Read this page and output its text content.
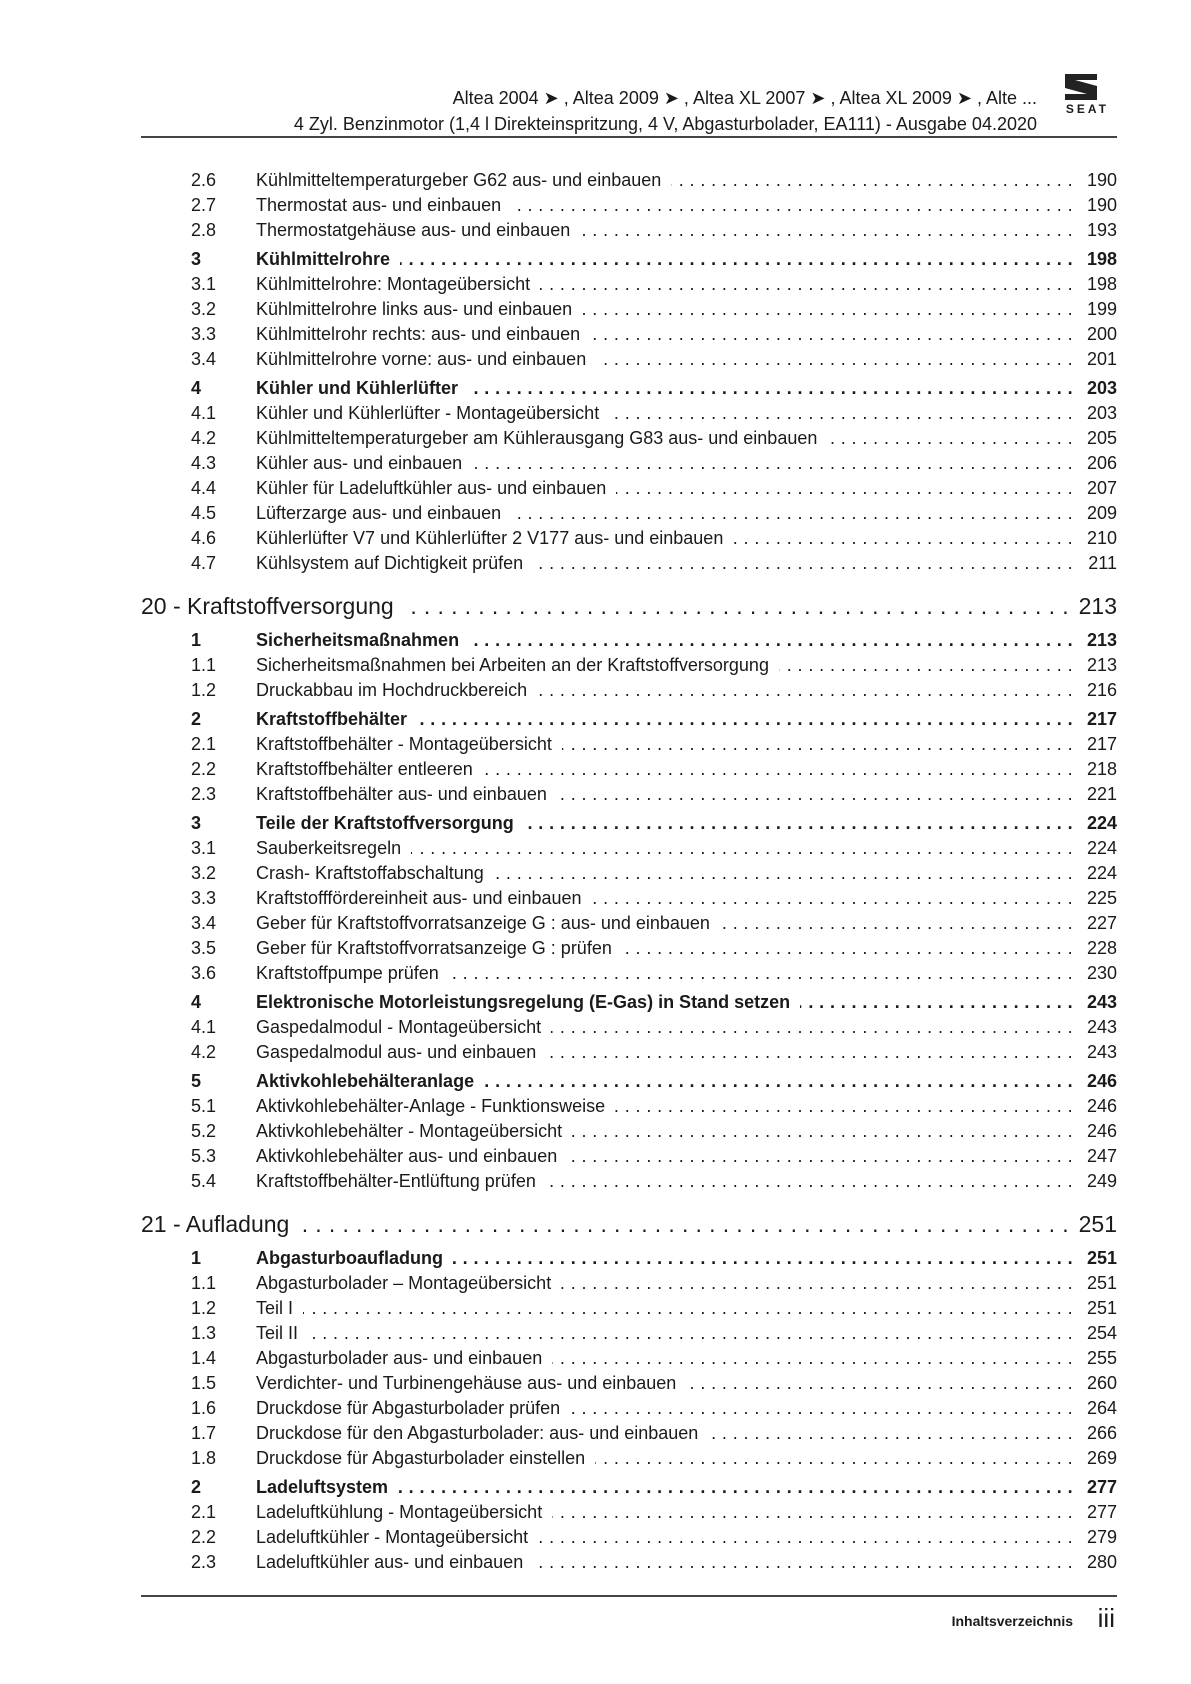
Altea 2004 ➤ , Altea 2009 ➤ , Altea XL 2007 ➤ , Altea XL 2009 ➤ , Alte ...
4 Zyl. Benzinmotor (1,4 l Direkteinspritzung, 4 V, Abgasturbolader, EA111) - Ausgabe 04.2020
SEAT
2.6 Kühlmitteltemperaturgeber G62 aus- und einbauen . . .	190
2.7 Thermostat aus- und einbauen . . .	190
2.8 Thermostatgehäuse aus- und einbauen . . .	193
3	Kühlmittelrohre . . .	198
3.1 Kühlmittelrohre: Montageübersicht . . .	198
3.2 Kühlmittelrohre links aus- und einbauen . . .	199
3.3 Kühlmittelrohr rechts: aus- und einbauen . . .	200
3.4 Kühlmittelrohre vorne: aus- und einbauen . . .	201
4	Kühler und Kühlerlüfter . . .	203
4.1 Kühler und Kühlerlüfter - Montageübersicht . . .	203
4.2 Kühlmitteltemperaturgeber am Kühlerausgang G83 aus- und einbauen . . .	205
4.3 Kühler aus- und einbauen . . .	206
4.4 Kühler für Ladeluftkühler aus- und einbauen . . .	207
4.5 Lüfterzarge aus- und einbauen . . .	209
4.6 Kühlerlüfter V7 und Kühlerlüfter 2 V177 aus- und einbauen . . .	210
4.7 Kühlsystem auf Dichtigkeit prüfen . . .	211
20 - Kraftstoffversorgung . . .	213
1	Sicherheitsmaßnahmen . . .	213
1.1 Sicherheitsmaßnahmen bei Arbeiten an der Kraftstoffversorgung . . .	213
1.2 Druckabbau im Hochdruckbereich . . .	216
2	Kraftstoffbehälter . . .	217
2.1 Kraftstoffbehälter - Montageübersicht . . .	217
2.2 Kraftstoffbehälter entleeren . . .	218
2.3 Kraftstoffbehälter aus- und einbauen . . .	221
3	Teile der Kraftstoffversorgung . . .	224
3.1 Sauberkeitsregeln . . .	224
3.2 Crash- Kraftstoffabschaltung . . .	224
3.3 Kraftstofffördereinheit aus- und einbauen . . .	225
3.4 Geber für Kraftstoffvorratsanzeige G : aus- und einbauen . . .	227
3.5 Geber für Kraftstoffvorratsanzeige G : prüfen . . .	228
3.6 Kraftstoffpumpe prüfen . . .	230
4	Elektronische Motorleistungsregelung (E-Gas) in Stand setzen . . .	243
4.1 Gaspedalmodul - Montageübersicht . . .	243
4.2 Gaspedalmodul aus- und einbauen . . .	243
5	Aktivkohlebehälteranlage . . .	246
5.1 Aktivkohlebehälter-Anlage - Funktionsweise . . .	246
5.2 Aktivkohlebehälter - Montageübersicht . . .	246
5.3 Aktivkohlebehälter aus- und einbauen . . .	247
5.4 Kraftstoffbehälter-Entlüftung prüfen . . .	249
21 - Aufladung . . .	251
1	Abgasturboaufladung . . .	251
1.1 Abgasturbolader – Montageübersicht . . .	251
1.2 Teil I . . .	251
1.3 Teil II . . .	254
1.4 Abgasturbolader aus- und einbauen . . .	255
1.5 Verdichter- und Turbinengehäuse aus- und einbauen . . .	260
1.6 Druckdose für Abgasturbolader prüfen . . .	264
1.7 Druckdose für den Abgasturbolader: aus- und einbauen . . .	266
1.8 Druckdose für Abgasturbolader einstellen . . .	269
2	Ladeluftsystem . . .	277
2.1 Ladeluftkühlung - Montageübersicht . . .	277
2.2 Ladeluftkühler - Montageübersicht . . .	279
2.3 Ladeluftkühler aus- und einbauen . . .	280
Inhaltsverzeichnis iii
